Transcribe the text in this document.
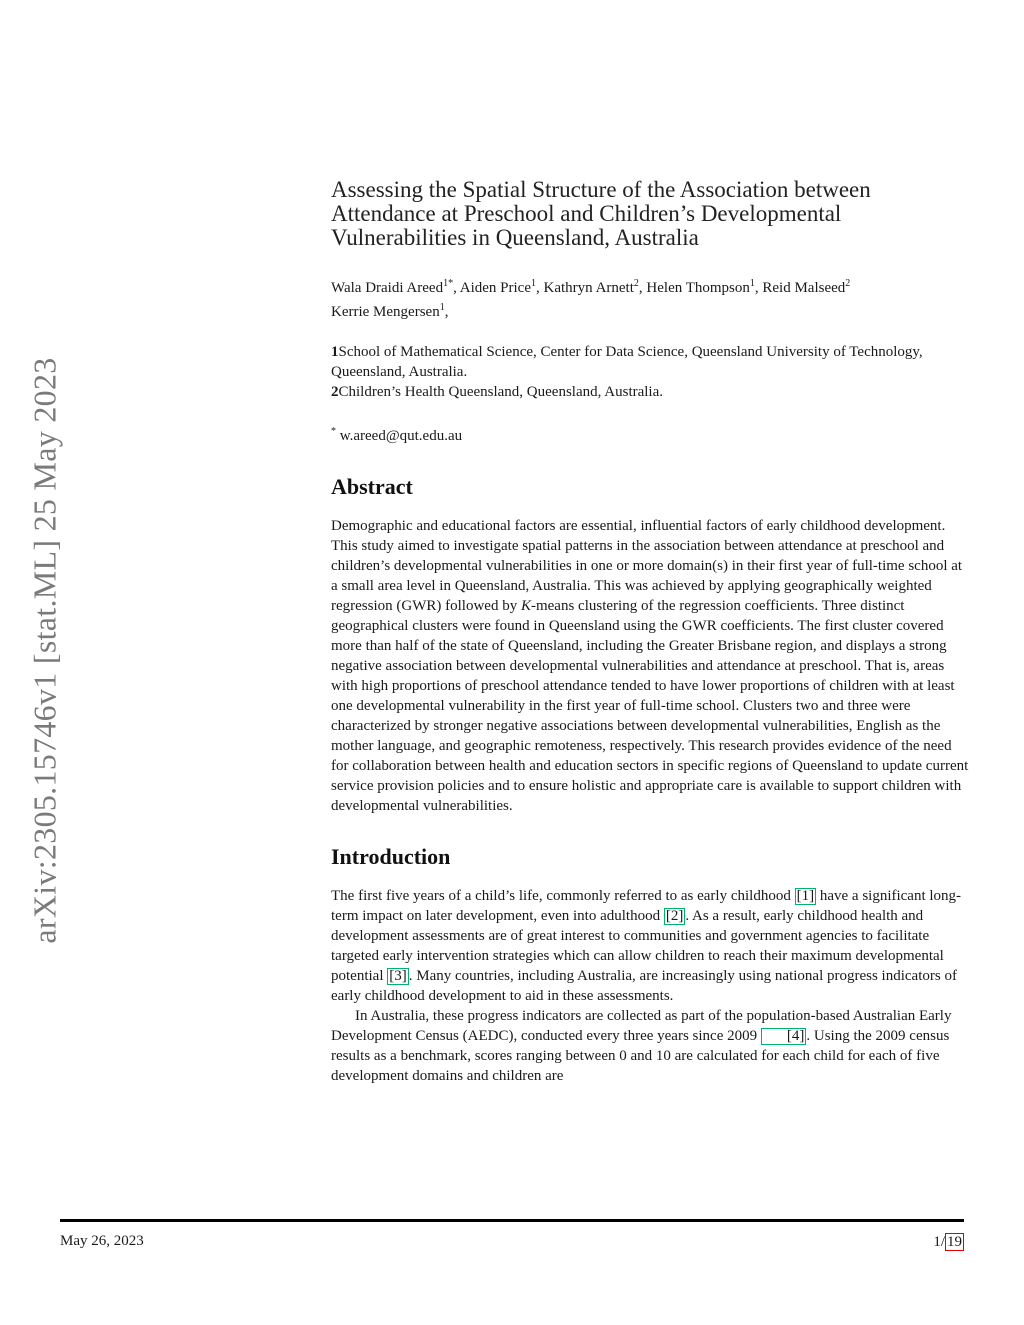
arXiv:2305.15746v1 [stat.ML] 25 May 2023
Assessing the Spatial Structure of the Association between Attendance at Preschool and Children’s Developmental Vulnerabilities in Queensland, Australia
Wala Draidi Areed$^{1*}$, Aiden Price$^1$, Kathryn Arnett$^2$, Helen Thompson$^1$, Reid Malseed$^2$
Kerrie Mengersen$^1$,
1School of Mathematical Science, Center for Data Science, Queensland University of Technology, Queensland, Australia.
2Children’s Health Queensland, Queensland, Australia.
* w.areed@qut.edu.au
Abstract

Demographic and educational factors are essential, influential factors of early childhood development. This study aimed to investigate spatial patterns in the association between attendance at preschool and children’s developmental vulnerabilities in one or more domain(s) in their first year of full-time school at a small area level in Queensland, Australia. This was achieved by applying geographically weighted regression (GWR) followed by K-means clustering of the regression coefficients. Three distinct geographical clusters were found in Queensland using the GWR coefficients. The first cluster covered more than half of the state of Queensland, including the Greater Brisbane region, and displays a strong negative association between developmental vulnerabilities and attendance at preschool. That is, areas with high proportions of preschool attendance tended to have lower proportions of children with at least one developmental vulnerability in the first year of full-time school. Clusters two and three were characterized by stronger negative associations between developmental vulnerabilities, English as the mother language, and geographic remoteness, respectively. This research provides evidence of the need for collaboration between health and education sectors in specific regions of Queensland to update current service provision policies and to ensure holistic and appropriate care is available to support children with developmental vulnerabilities.

Introduction

The first five years of a child’s life, commonly referred to as early childhood [1] have a significant long-term impact on later development, even into adulthood [2] . As a result, early childhood health and development assessments are of great interest to communities and government agencies to facilitate targeted early intervention strategies which can allow children to reach their maximum developmental potential [3] . Many countries, including Australia, are increasingly using national progress indicators of early childhood development to aid in these assessments.

In Australia, these progress indicators are collected as part of the population-based Australian Early Development Census (AEDC), conducted every three years since 2009 [4] . Using the 2009 census results as a benchmark, scores ranging between 0 and 10 are calculated for each child for each of five development domains and children are

May 26, 2023	1/ 19
